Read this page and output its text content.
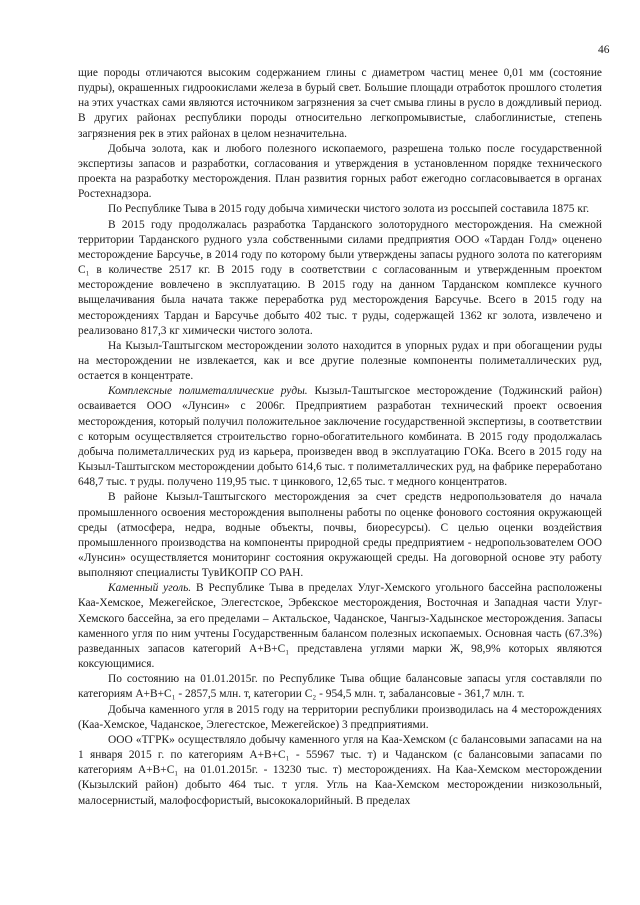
46

щие породы отличаются высоким содержанием глины с диаметром частиц менее 0,01 мм (состояние пудры), окрашенных гидроокислами железа в бурый свет. Большие площади отработок прошлого столетия на этих участках сами являются источником загрязнения за счет смыва глины в русло в дождливый период. В других районах республики породы относительно легкопромывистые, слабоглинистые, степень загрязнения рек в этих районах в целом незначительна.

Добыча золота, как и любого полезного ископаемого, разрешена только после государственной экспертизы запасов и разработки, согласования и утверждения в установленном порядке технического проекта на разработку месторождения. План развития горных работ ежегодно согласовывается в органах Ростехнадзора.

По Республике Тыва в 2015 году добыча химически чистого золота из россыпей составила 1875 кг.

В 2015 году продолжалась разработка Тарданского золоторудного месторождения. На смежной территории Тарданского рудного узла собственными силами предприятия ООО «Тардан Голд» оценено месторождение Барсучье, в 2014 году по которому были утверждены запасы рудного золота по категориям С₁ в количестве 2517 кг. В 2015 году в соответствии с согласованным и утвержденным проектом месторождение вовлечено в эксплуатацию. В 2015 году на данном Тарданском комплексе кучного выщелачивания была начата также переработка руд месторождения Барсучье. Всего в 2015 году на месторождениях Тардан и Барсучье добыто 402 тыс. т руды, содержащей 1362 кг золота, извлечено и реализовано 817,3 кг химически чистого золота.

На Кызыл-Таштыгском месторождении золото находится в упорных рудах и при обогащении руды на месторождении не извлекается, как и все другие полезные компоненты полиметаллических руд, остается в концентрате.

Комплексные полиметаллические руды. Кызыл-Таштыгское месторождение (Тоджинский район) осваивается ООО «Лунсин» с 2006г. Предприятием разработан технический проект освоения месторождения, который получил положительное заключение государственной экспертизы, в соответствии с которым осуществляется строительство горно-обогатительного комбината. В 2015 году продолжалась добыча полиметаллических руд из карьера, произведен ввод в эксплуатацию ГОКа. Всего в 2015 году на Кызыл-Таштыгском месторождении добыто 614,6 тыс. т полиметаллических руд, на фабрике переработано 648,7 тыс. т руды. получено 119,95 тыс. т цинкового, 12,65 тыс. т медного концентратов.

В районе Кызыл-Таштыгского месторождения за счет средств недропользователя до начала промышленного освоения месторождения выполнены работы по оценке фонового состояния окружающей среды (атмосфера, недра, водные объекты, почвы, биоресурсы). С целью оценки воздействия промышленного производства на компоненты природной среды предприятием - недропользователем ООО «Лунсин» осуществляется мониторинг состояния окружающей среды. На договорной основе эту работу выполняют специалисты ТувИКОПР СО РАН.

Каменный уголь. В Республике Тыва в пределах Улуг-Хемского угольного бассейна расположены Каа-Хемское, Межегейское, Элегестское, Эрбекское месторождения, Восточная и Западная части Улуг-Хемского бассейна, за его пределами – Актальское, Чаданское, Чангыз-Хадынское месторождения. Запасы каменного угля по ним учтены Государственным балансом полезных ископаемых. Основная часть (67.3%) разведанных запасов категорий А+В+С₁ представлена углями марки Ж, 98,9% которых являются коксующимися.

По состоянию на 01.01.2015г. по Республике Тыва общие балансовые запасы угля составляли по категориям А+В+С₁ - 2857,5 млн. т, категории С₂ - 954,5 млн. т, забалансовые - 361,7 млн. т.

Добыча каменного угля в 2015 году на территории республики производилась на 4 месторождениях (Каа-Хемское, Чаданское, Элегестское, Межегейское) 3 предприятиями.

ООО «ТГРК» осуществляло добычу каменного угля на Каа-Хемском (с балансовыми запасами на на 1 января 2015 г. по категориям А+В+С₁ - 55967 тыс. т) и Чаданском (с балансовыми запасами по категориям А+В+С₁ на 01.01.2015г. - 13230 тыс. т) месторождениях. На Каа-Хемском месторождении (Кызылский район) добыто 464 тыс. т угля. Угль на Каа-Хемском месторождении низкозольный, малосернистый, малофосфористый, высококалорийный. В пределах
